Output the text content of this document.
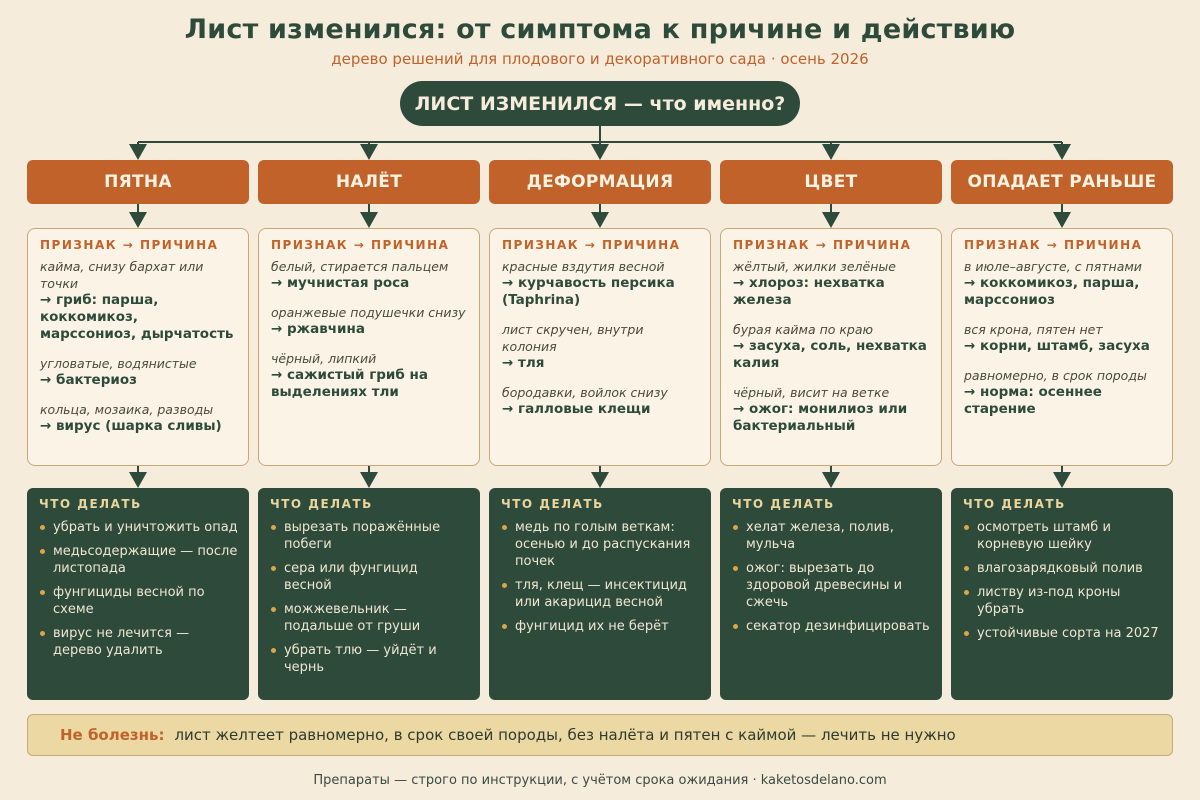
Лист изменился: от симптома к причине и действию
дерево решений для плодового и декоративного сада · осень 2026
ЛИСТ ИЗМЕНИЛСЯ — что именно?
ПЯТНА
ПРИЗНАК → ПРИЧИНА
кайма, снизу бархат или точки
→ гриб: парша, коккомикоз, марссониоз, дырчатость
угловатые, водянистые
→ бактериоз
кольца, мозаика, разводы
→ вирус (шарка сливы)
ЧТО ДЕЛАТЬ
убрать и уничтожить опад
медьсодержащие — после листопада
фунгициды весной по схеме
вирус не лечится — дерево удалить
НАЛЁТ
ПРИЗНАК → ПРИЧИНА
белый, стирается пальцем
→ мучнистая роса
оранжевые подушечки снизу
→ ржавчина
чёрный, липкий
→ сажистый гриб на выделениях тли
ЧТО ДЕЛАТЬ
вырезать поражённые побеги
сера или фунгицид весной
можжевельник — подальше от груши
убрать тлю — уйдёт и чернь
ДЕФОРМАЦИЯ
ПРИЗНАК → ПРИЧИНА
красные вздутия весной
→ курчавость персика (Taphrina)
лист скручен, внутри колония
→ тля
бородавки, войлок снизу
→ галловые клещи
ЧТО ДЕЛАТЬ
медь по голым веткам: осенью и до распускания почек
тля, клещ — инсектицид или акарицид весной
фунгицид их не берёт
ЦВЕТ
ПРИЗНАК → ПРИЧИНА
жёлтый, жилки зелёные
→ хлороз: нехватка железа
бурая кайма по краю
→ засуха, соль, нехватка калия
чёрный, висит на ветке
→ ожог: монилиоз или бактериальный
ЧТО ДЕЛАТЬ
хелат железа, полив, мульча
ожог: вырезать до здоровой древесины и сжечь
секатор дезинфицировать
ОПАДАЕТ РАНЬШЕ
ПРИЗНАК → ПРИЧИНА
в июле–августе, с пятнами
→ коккомикоз, парша, марссониоз
вся крона, пятен нет
→ корни, штамб, засуха
равномерно, в срок породы
→ норма: осеннее старение
ЧТО ДЕЛАТЬ
осмотреть штамб и корневую шейку
влагозарядковый полив
листву из-под кроны убрать
устойчивые сорта на 2027
Не болезнь: лист желтеет равномерно, в срок своей породы, без налёта и пятен с каймой — лечить не нужно
Препараты — строго по инструкции, с учётом срока ожидания · kaketosdelano.com
